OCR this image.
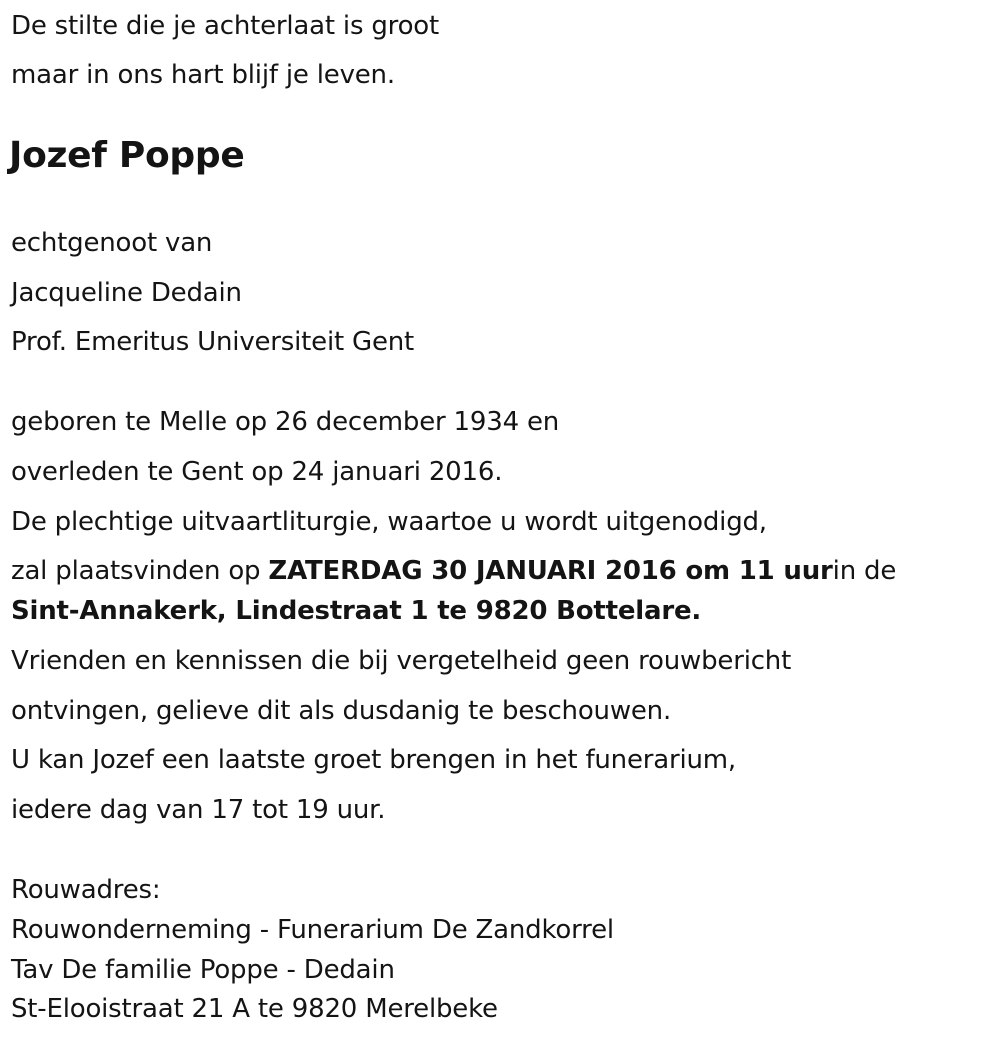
De stilte die je achterlaat is groot
maar in ons hart blijf je leven.
Jozef Poppe
echtgenoot van
Jacqueline Dedain
Prof. Emeritus Universiteit Gent
geboren te Melle op 26 december 1934 en
overleden te Gent op 24 januari 2016.
De plechtige uitvaartliturgie, waartoe u wordt uitgenodigd,
zal plaatsvinden op ZATERDAG 30 JANUARI 2016 om 11 uurin de
Sint-Annakerk, Lindestraat 1 te 9820 Bottelare.
Vrienden en kennissen die bij vergetelheid geen rouwbericht
ontvingen, gelieve dit als dusdanig te beschouwen.
U kan Jozef een laatste groet brengen in het funerarium,
iedere dag van 17 tot 19 uur.
Rouwadres:
Rouwonderneming - Funerarium De Zandkorrel
Tav De familie Poppe - Dedain
St-Elooistraat 21 A te 9820 Merelbeke
